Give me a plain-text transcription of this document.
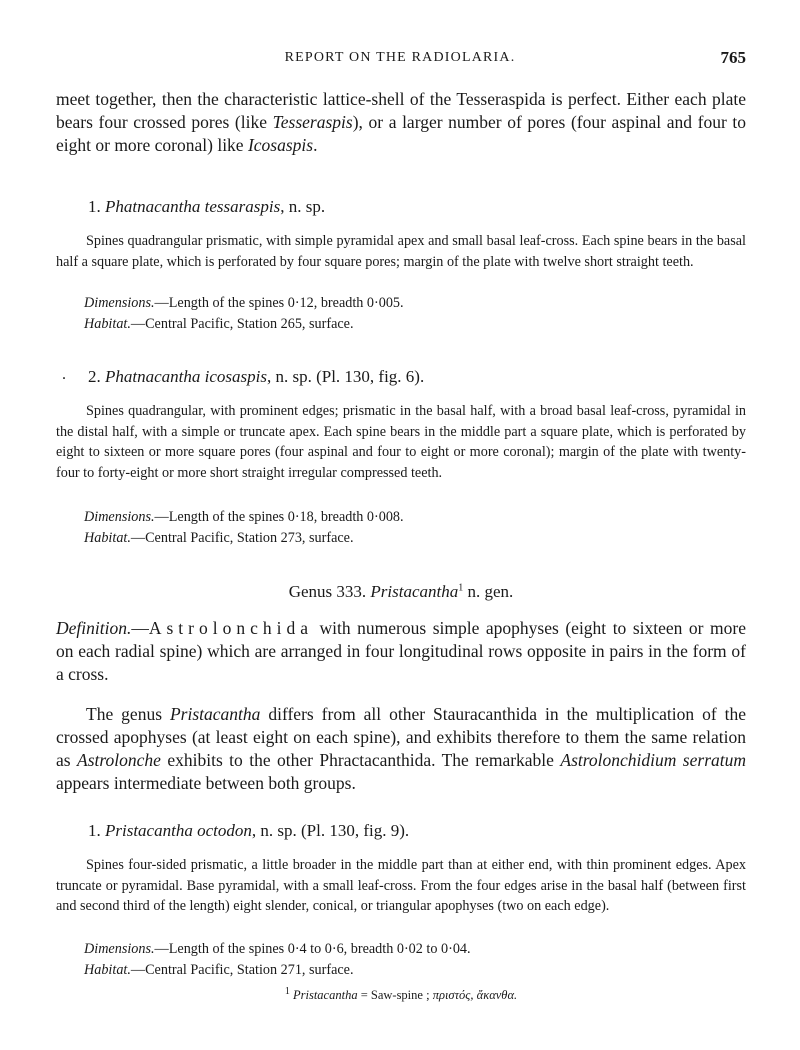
REPORT ON THE RADIOLARIA.	765
meet together, then the characteristic lattice-shell of the Tesseraspida is perfect. Either each plate bears four crossed pores (like Tesseraspis), or a larger number of pores (four aspinal and four to eight or more coronal) like Icosaspis.
1. Phatnacantha tessaraspis, n. sp.
Spines quadrangular prismatic, with simple pyramidal apex and small basal leaf-cross. Each spine bears in the basal half a square plate, which is perforated by four square pores; margin of the plate with twelve short straight teeth.
Dimensions.—Length of the spines 0·12, breadth 0·005.
Habitat.—Central Pacific, Station 265, surface.
.	2. Phatnacantha icosaspis, n. sp. (Pl. 130, fig. 6).
Spines quadrangular, with prominent edges; prismatic in the basal half, with a broad basal leaf-cross, pyramidal in the distal half, with a simple or truncate apex. Each spine bears in the middle part a square plate, which is perforated by eight to sixteen or more square pores (four aspinal and four to eight or more coronal); margin of the plate with twenty-four to forty-eight or more short straight irregular compressed teeth.
Dimensions.—Length of the spines 0·18, breadth 0·008.
Habitat.—Central Pacific, Station 273, surface.
Genus 333. Pristacantha$^1$ n. gen.
Definition.—Astrolonchida with numerous simple apophyses (eight to sixteen or more on each radial spine) which are arranged in four longitudinal rows opposite in pairs in the form of a cross.
The genus Pristacantha differs from all other Stauracanthida in the multiplication of the crossed apophyses (at least eight on each spine), and exhibits therefore to them the same relation as Astrolonche exhibits to the other Phractacanthida. The remarkable Astrolonchidium serratum appears intermediate between both groups.
1. Pristacantha octodon, n. sp. (Pl. 130, fig. 9).
Spines four-sided prismatic, a little broader in the middle part than at either end, with thin prominent edges. Apex truncate or pyramidal. Base pyramidal, with a small leaf-cross. From the four edges arise in the basal half (between first and second third of the length) eight slender, conical, or triangular apophyses (two on each edge).
Dimensions.—Length of the spines 0·4 to 0·6, breadth 0·02 to 0·04.
Habitat.—Central Pacific, Station 271, surface.
$^1$ Pristacantha = Saw-spine ; πριστός, ἄκανθα.
